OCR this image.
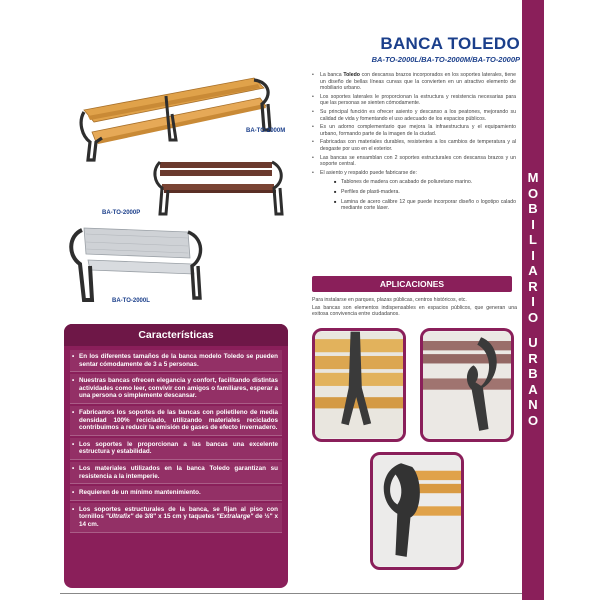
M
O
B
I
L
I
A
R
I
O
U
R
B
A
N
O
BANCA TOLEDO
BA-TO-2000L/BA-TO-2000M/BA-TO-2000P
BA-TO-2000M
BA-TO-2000P
BA-TO-2000L
• La banca Toledo con descansa brazos incorporados en los soportes laterales, tiene un diseño de bellas líneas curvas que la convierten en un atractivo elemento de mobiliario urbano.
• Los soportes laterales le proporcionan la estructura y resistencia necesarias para que las personas se sienten cómodamente.
• Su principal función es ofrecer asiento y descanso a los peatones, mejorando su calidad de vida y fomentando el uso adecuado de los espacios públicos.
• Es un adorno complementario que mejora la infraestructura y el equipamiento urbano, formando parte de la imagen de la ciudad.
• Fabricadas con materiales durables, resistentes a los cambios de temperatura y al desgaste por uso en el exterior.
• Las bancas se ensamblan con 2 soportes estructurales con descansa brazos y un soporte central.
• El asiento y respaldo puede fabricarse de:
■ Tablones de madera con acabado de poliuretano marino.
■ Perfiles de plasti-madera.
■ Lamina de acero calibre 12 que puede incorporar diseño o logotipo calado mediante corte láser.
APLICACIONES
Para instalarse en parques, plazas públicas, centros históricos, etc.
Las bancas son elementos indispensables en espacios públicos, que generan una exitosa convivencia entre ciudadanos.
Características
• En los diferentes tamaños de la banca modelo Toledo se pueden sentar cómodamente de 3 a 5 personas.
• Nuestras bancas ofrecen elegancia y confort, facilitando distintas actividades como leer, convivir con amigos o familiares, esperar a una persona o simplemente descansar.
• Fabricamos los soportes de las bancas con polietileno de media densidad 100% reciclado, utilizando materiales reciclados contribuimos a reducir la emisión de gases de efecto invernadero.
• Los soportes le proporcionan a las bancas una excelente estructura y estabilidad.
• Los materiales utilizados en la banca Toledo garantizan su resistencia a la intemperie.
• Requieren de un mínimo mantenimiento.
• Los soportes estructurales de la banca, se fijan al piso con tornillos "Ultrafix" de 3/8" x 15 cm y taquetes "Extralarge" de ½" x 14 cm.
